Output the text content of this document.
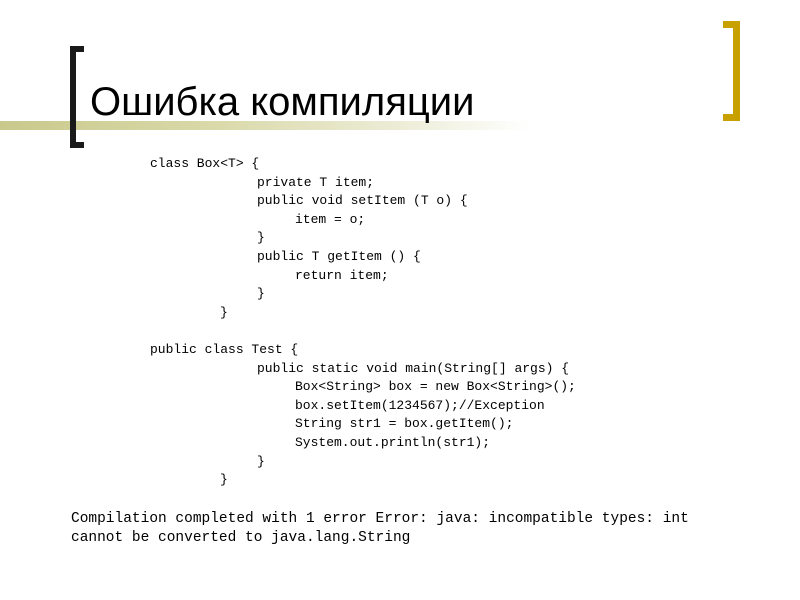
Ошибка компиляции
class Box<T> {
private T item;
public void setItem (T o) {
item = o;
}
public T getItem () {
return item;
}
}
public class Test {
public static void main(String[] args) {
Box<String> box = new Box<String>();
box.setItem(1234567);//Exception
String str1 = box.getItem();
System.out.println(str1);
}
}
Compilation completed with 1 error Error: java: incompatible types: int
cannot be converted to java.lang.String
